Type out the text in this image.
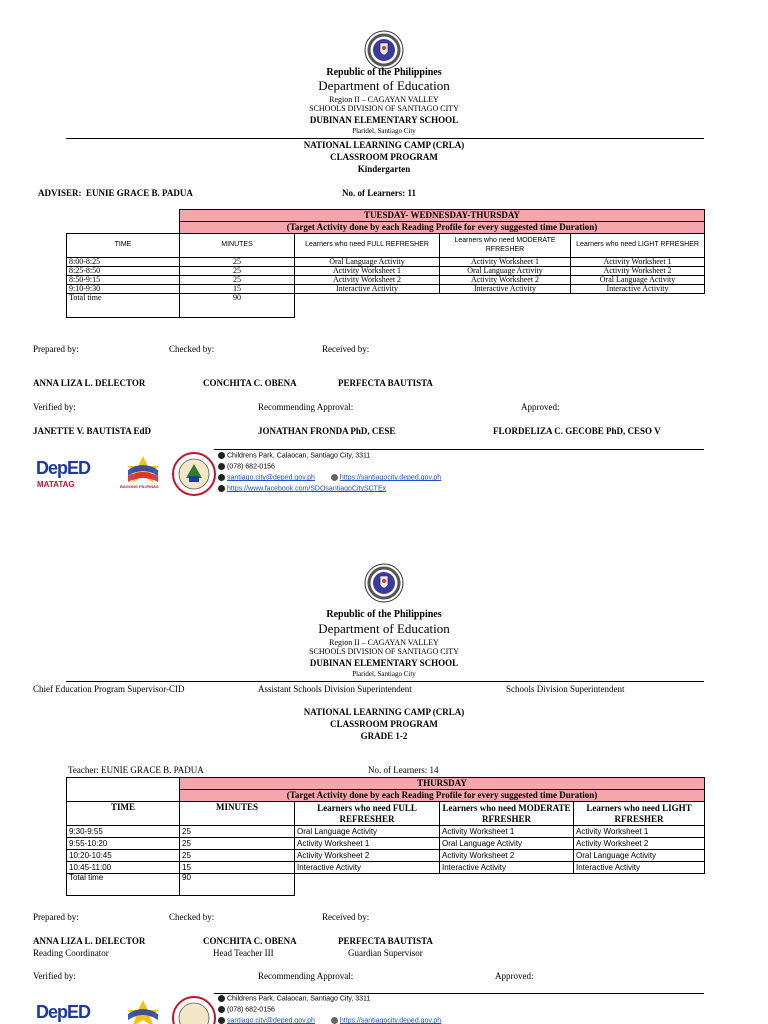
Republic of the Philippines
Department of Education
Region II – CAGAYAN VALLEY
SCHOOLS DIVISION OF SANTIAGO CITY
DUBINAN ELEMENTARY SCHOOL
Plaridel, Santiago City
NATIONAL LEARNING CAMP (CRLA)
CLASSROOM PROGRAM
Kindergarten
ADVISER:  EUNIE GRACE B. PADUA	No. of Learners: 11
	TUESDAY- WEDNESDAY-THURSDAY			
	(Target Activity done by each Reading Profile for every suggested time Duration)			
TIME	MINUTES	Learners who need FULL REFRESHER	Learners who need MODERATE RFRESHER	Learners who need LIGHT RFRESHER
8:00-8:25	25	Oral Language Activity	Activity Worksheet 1	Activity Worksheet 1
8:25-8:50	25	Activity Worksheet 1	Oral Language Activity	Activity Worksheet 2
8:50-9:15	25	Activity Worksheet 2	Activity Worksheet 2	Oral Language Activity
9:10-9:30	15	Interactive Activity	Interactive Activity	Interactive Activity
Total time	90			
Prepared by:	Checked by:	Received by:
ANNA LIZA L. DELECTOR	CONCHITA C. OBENA	PERFECTA BAUTISTA
Verified by:	Recommending Approval:	Approved:
JANETTE V. BAUTISTA EdD	JONATHAN FRONDA PhD, CESE	FLORDELIZA C. GECOBE PhD, CESO V
DepED
MATATAG	BAGONG PILIPINAS
Childrens Park, Calaocan, Santiago City, 3311
(078) 682-0156
santiago.city@deped.gov.ph	https://santiagocity.deped.gov.ph
https://www.facebook.com/SDOsantiagoCitySCTEx
Republic of the Philippines
Department of Education
Region II – CAGAYAN VALLEY
SCHOOLS DIVISION OF SANTIAGO CITY
DUBINAN ELEMENTARY SCHOOL
Plaridel, Santiago City
Chief Education Program Supervisor-CID	Assistant Schools Division Superintendent	Schools Division Superintendent
NATIONAL LEARNING CAMP (CRLA)
CLASSROOM PROGRAM
GRADE 1-2
Teacher: EUNIE GRACE B. PADUA	No. of Learners: 14
	THURSDAY			
	(Target Activity done by each Reading Profile for every suggested time Duration)			
TIME	MINUTES	Learners who need FULL REFRESHER	Learners who need MODERATE RFRESHER	Learners who need LIGHT RFRESHER
9:30-9:55	25	Oral Language Activity	Activity Worksheet 1	Activity Worksheet 1
9:55-10:20	25	Activity Worksheet 1	Oral Language Activity	Activity Worksheet 2
10:20-10:45	25	Activity Worksheet 2	Activity Worksheet 2	Oral Language Activity
10:45-11:00	15	Interactive Activity	Interactive Activity	Interactive Activity
Total time	90			
Prepared by:	Checked by:	Received by:
ANNA LIZA L. DELECTOR	CONCHITA C. OBENA	PERFECTA BAUTISTA
Reading Coordinator	Head Teacher III	Guardian Supervisor
Verified by:	Recommending Approval:	Approved:
DepED
Childrens Park, Calaocan, Santiago City, 3311
(078) 682-0156
santiago.city@deped.gov.ph	https://santiagocity.deped.gov.ph
